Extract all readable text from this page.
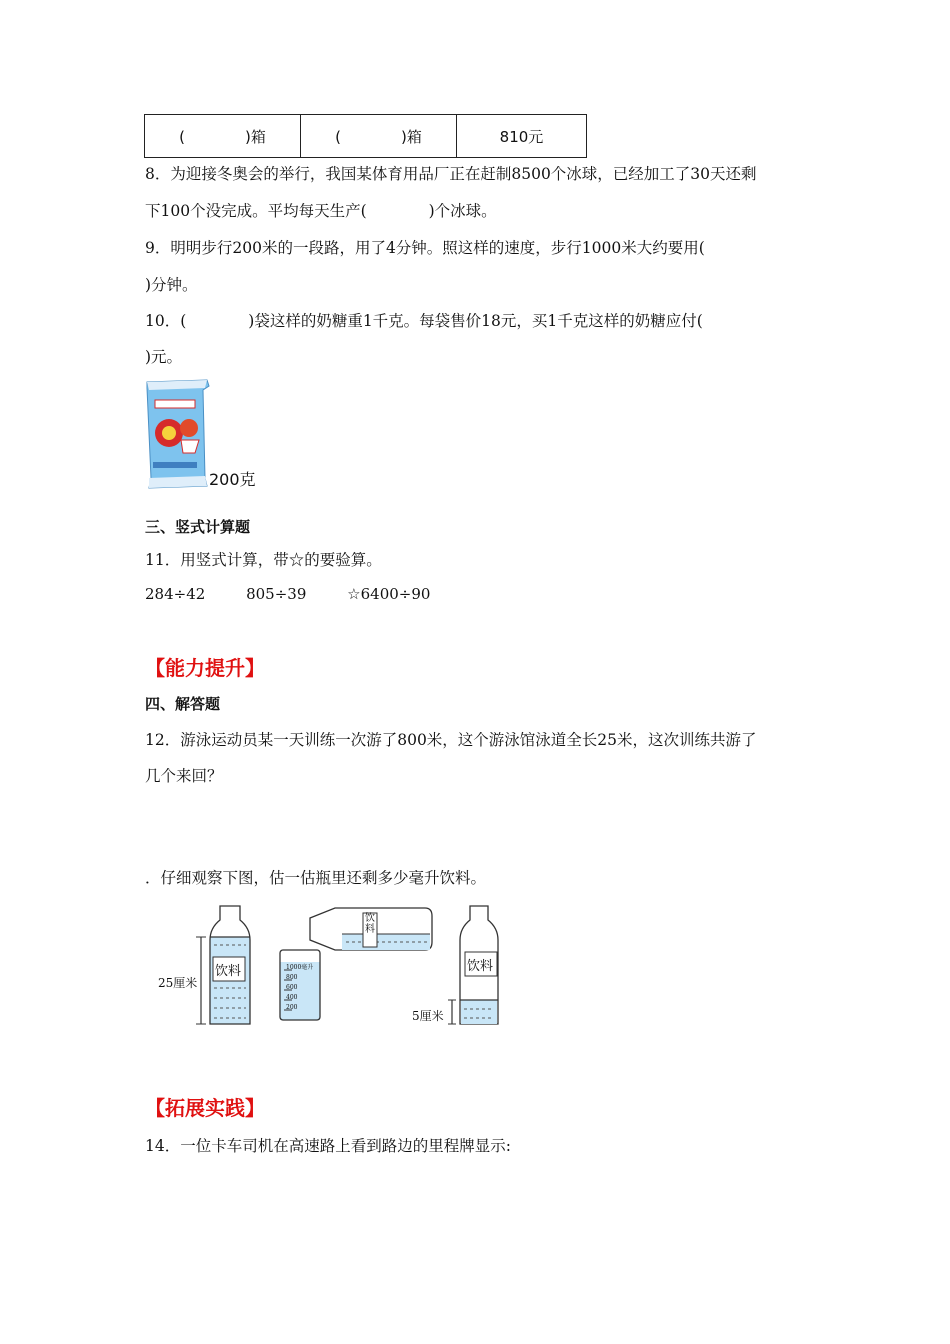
(　　　　)箱	(　　　　)箱	810元
8．为迎接冬奥会的举行，我国某体育用品厂正在赶制8500个冰球，已经加工了30天还剩
下100个没完成。平均每天生产(　　　　)个冰球。
9．明明步行200米的一段路，用了4分钟。照这样的速度，步行1000米大约要用(
)分钟。
10．(　　　　)袋这样的奶糖重1千克。每袋售价18元，买1千克这样的奶糖应付(
)元。
200克
三、竖式计算题
11．用竖式计算，带☆的要验算。
284÷42	805÷39	☆6400÷90
【能力提升】
四、解答题
12．游泳运动员某一天训练一次游了800米，这个游泳馆泳道全长25米，这次训练共游了
几个来回？
．仔细观察下图，估一估瓶里还剩多少毫升饮料。
饮料
饮料
饮料
25厘米
5厘米
1000毫升
800
600
400
200
【拓展实践】
14．一位卡车司机在高速路上看到路边的里程牌显示:
